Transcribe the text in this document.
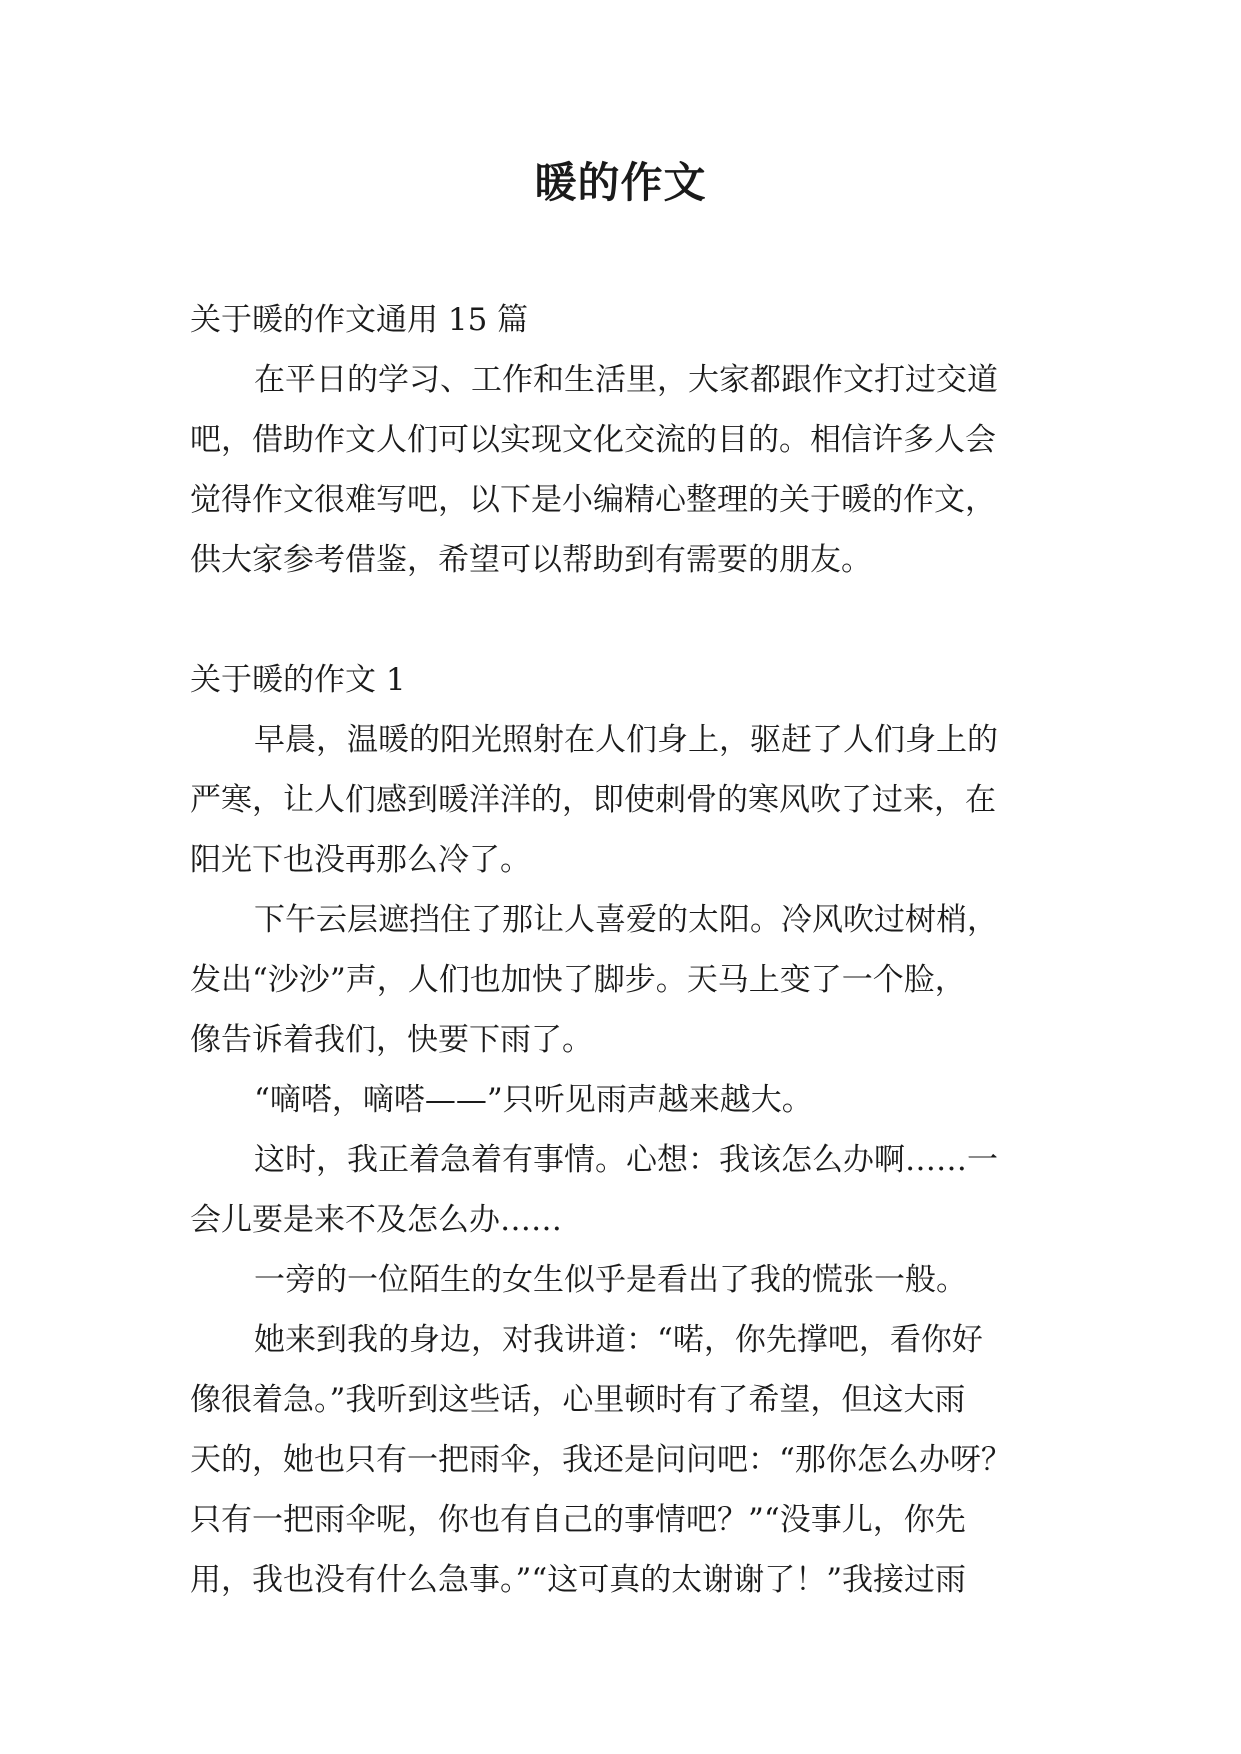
暖的作文
关于暖的作文通用 15 篇
在平日的学习、工作和生活里，大家都跟作文打过交道
吧，借助作文人们可以实现文化交流的目的。相信许多人会
觉得作文很难写吧，以下是小编精心整理的关于暖的作文，
供大家参考借鉴，希望可以帮助到有需要的朋友。
关于暖的作文 1
早晨，温暖的阳光照射在人们身上，驱赶了人们身上的
严寒，让人们感到暖洋洋的，即使刺骨的寒风吹了过来，在
阳光下也没再那么冷了。
下午云层遮挡住了那让人喜爱的太阳。冷风吹过树梢，
发出“沙沙”声，人们也加快了脚步。天马上变了一个脸，
像告诉着我们，快要下雨了。
“嘀嗒，嘀嗒——”只听见雨声越来越大。
这时，我正着急着有事情。心想：我该怎么办啊……一
会儿要是来不及怎么办……
一旁的一位陌生的女生似乎是看出了我的慌张一般。
她来到我的身边，对我讲道：“喏，你先撑吧，看你好
像很着急。”我听到这些话，心里顿时有了希望，但这大雨
天的，她也只有一把雨伞，我还是问问吧：“那你怎么办呀？
只有一把雨伞呢，你也有自己的事情吧？”“没事儿，你先
用，我也没有什么急事。”“这可真的太谢谢了！”我接过雨
